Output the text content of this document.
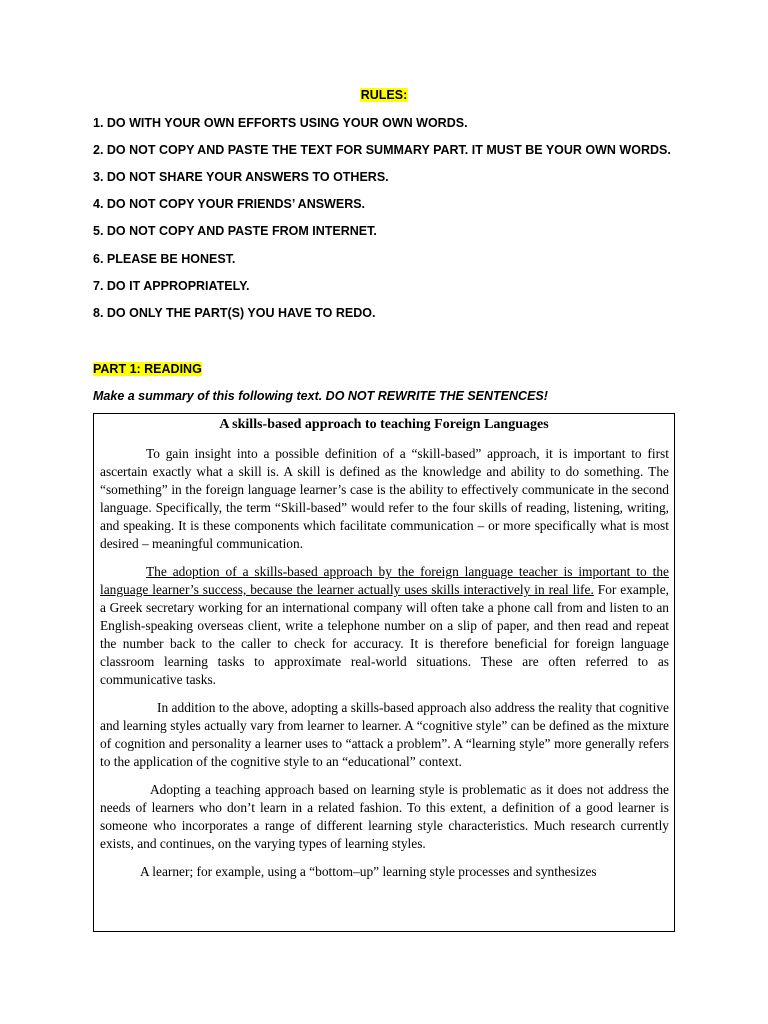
RULES:
1. DO WITH YOUR OWN EFFORTS USING YOUR OWN WORDS.
2. DO NOT COPY AND PASTE THE TEXT FOR SUMMARY PART. IT MUST BE YOUR OWN WORDS.
3. DO NOT SHARE YOUR ANSWERS TO OTHERS.
4. DO NOT COPY YOUR FRIENDS’ ANSWERS.
5. DO NOT COPY AND PASTE FROM INTERNET.
6. PLEASE BE HONEST.
7. DO IT APPROPRIATELY.
8. DO ONLY THE PART(S) YOU HAVE TO REDO.
PART 1: READING
Make a summary of this following text. DO NOT REWRITE THE SENTENCES!
A skills-based approach to teaching Foreign Languages

To gain insight into a possible definition of a “skill-based” approach, it is important to first ascertain exactly what a skill is. A skill is defined as the knowledge and ability to do something. The “something” in the foreign language learner’s case is the ability to effectively communicate in the second language. Specifically, the term “Skill-based” would refer to the four skills of reading, listening, writing, and speaking. It is these components which facilitate communication – or more specifically what is most desired – meaningful communication.

The adoption of a skills-based approach by the foreign language teacher is important to the language learner’s success, because the learner actually uses skills interactively in real life. For example, a Greek secretary working for an international company will often take a phone call from and listen to an English-speaking overseas client, write a telephone number on a slip of paper, and then read and repeat the number back to the caller to check for accuracy. It is therefore beneficial for foreign language classroom learning tasks to approximate real-world situations. These are often referred to as communicative tasks.

In addition to the above, adopting a skills-based approach also address the reality that cognitive and learning styles actually vary from learner to learner. A “cognitive style” can be defined as the mixture of cognition and personality a learner uses to “attack a problem”. A “learning style” more generally refers to the application of the cognitive style to an “educational” context.

Adopting a teaching approach based on learning style is problematic as it does not address the needs of learners who don’t learn in a related fashion. To this extent, a definition of a good learner is someone who incorporates a range of different learning style characteristics. Much research currently exists, and continues, on the varying types of learning styles.

A learner; for example, using a “bottom–up” learning style processes and synthesizes
